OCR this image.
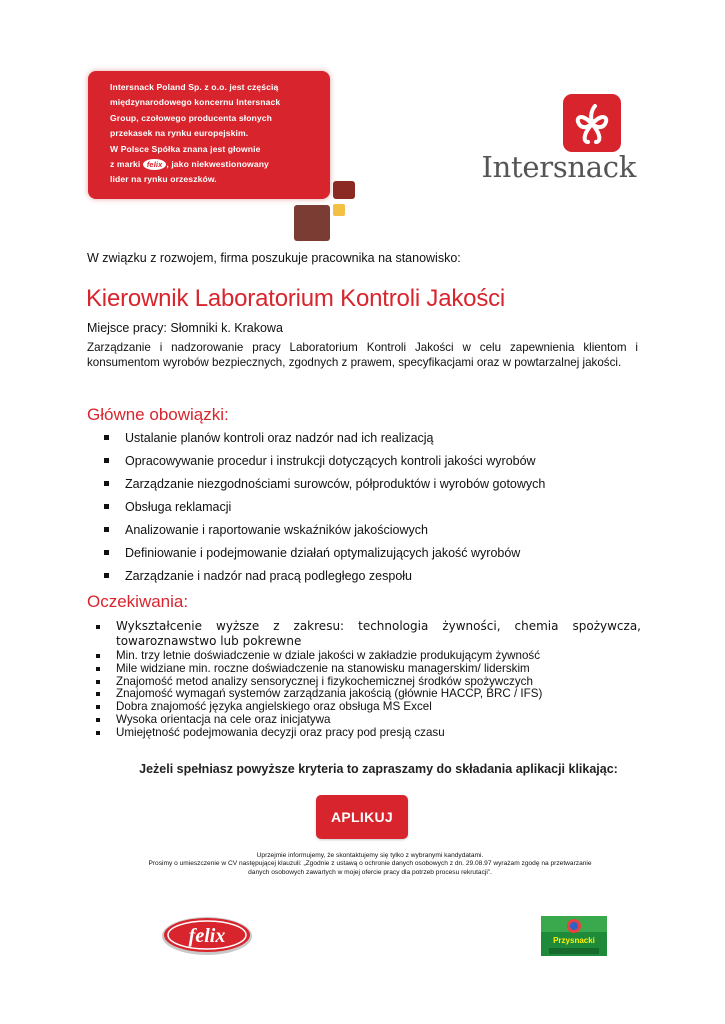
Intersnack Poland Sp. z o.o. jest częścią
międzynarodowego koncernu Intersnack
Group, czołowego producenta słonych
przekasek na rynku europejskim.
W Polsce Spółka znana jest głownie
z marki felix , jako niekwestionowany
lider na rynku orzeszków.	Intersnack
W związku z rozwojem, firma poszukuje pracownika na stanowisko:
Kierownik Laboratorium Kontroli Jakości
Miejsce pracy: Słomniki k. Krakowa
Zarządzanie i nadzorowanie pracy Laboratorium Kontroli Jakości w celu zapewnienia klientom i konsumentom wyrobów bezpiecznych, zgodnych z prawem, specyfikacjami oraz w powtarzalnej jakości.
Główne obowiązki:
Ustalanie planów kontroli oraz nadzór nad ich realizacją
Opracowywanie procedur i instrukcji dotyczących kontroli jakości wyrobów
Zarządzanie niezgodnościami surowców, półproduktów i wyrobów gotowych
Obsługa reklamacji
Analizowanie i raportowanie wskaźników jakościowych
Definiowanie i podejmowanie działań optymalizujących jakość wyrobów
Zarządzanie i nadzór nad pracą podległego zespołu
Oczekiwania:
Wykształcenie wyższe z zakresu: technologia żywności, chemia spożywcza, towaroznawstwo lub pokrewne
Min. trzy letnie doświadczenie w dziale jakości w zakładzie produkującym żywność
Mile widziane min. roczne doświadczenie na stanowisku managerskim/ liderskim
Znajomość metod analizy sensorycznej i fizykochemicznej środków spożywczych
Znajomość wymagań systemów zarządzania jakością (głównie HACCP, BRC / IFS)
Dobra znajomość języka angielskiego oraz obsługa MS Excel
Wysoka orientacja na cele oraz inicjatywa
Umiejętność podejmowania decyzji oraz pracy pod presją czasu
Jeżeli spełniasz powyższe kryteria to zapraszamy do składania aplikacji klikając:
APLIKUJ
Uprzejmie informujemy, że skontaktujemy się tylko z wybranymi kandydatami.
Prosimy o umieszczenie w CV następującej klauzuli: „Zgodnie z ustawą o ochronie danych osobowych z dn. 29.08.97 wyrażam zgodę na przetwarzanie
danych osobowych zawartych w mojej ofercie pracy dla potrzeb procesu rekrutacji”.
felix	Przysnacki
